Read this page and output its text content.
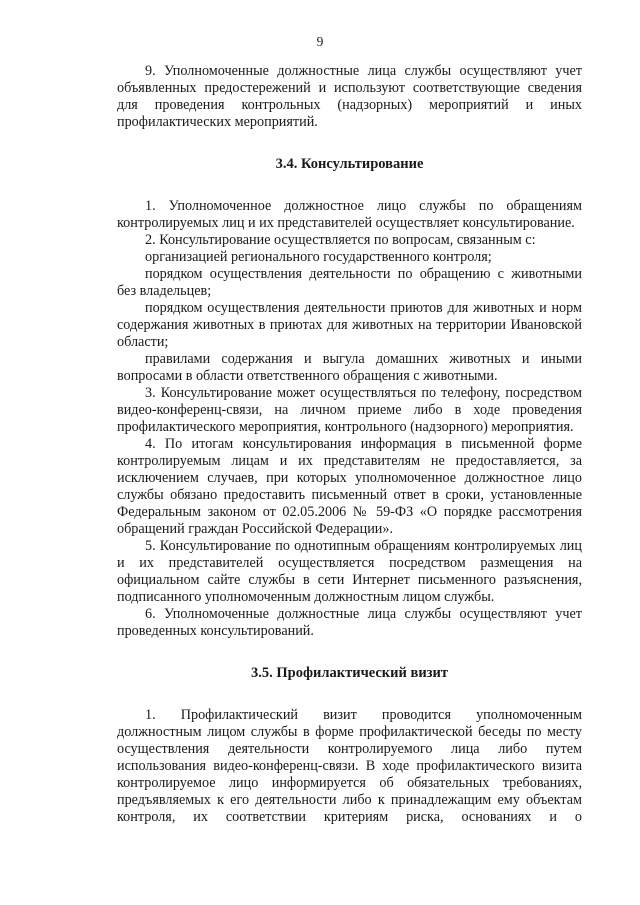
9

9. Уполномоченные должностные лица службы осуществляют учет объявленных предостережений и используют соответствующие сведения для проведения контрольных (надзорных) мероприятий и иных профилактических мероприятий.

3.4. Консультирование

1. Уполномоченное должностное лицо службы по обращениям контролируемых лиц и их представителей осуществляет консультирование.

2. Консультирование осуществляется по вопросам, связанным с:

организацией регионального государственного контроля;

порядком осуществления деятельности по обращению с животными без владельцев;

порядком осуществления деятельности приютов для животных и норм содержания животных в приютах для животных на территории Ивановской области;

правилами содержания и выгула домашних животных и иными вопросами в области ответственного обращения с животными.

3. Консультирование может осуществляться по телефону, посредством видео-конференц-связи, на личном приеме либо в ходе проведения профилактического мероприятия, контрольного (надзорного) мероприятия.

4. По итогам консультирования информация в письменной форме контролируемым лицам и их представителям не предоставляется, за исключением случаев, при которых уполномоченное должностное лицо службы обязано предоставить письменный ответ в сроки, установленные Федеральным законом от 02.05.2006 № 59-ФЗ «О порядке рассмотрения обращений граждан Российской Федерации».

5. Консультирование по однотипным обращениям контролируемых лиц и их представителей осуществляется посредством размещения на официальном сайте службы в сети Интернет письменного разъяснения, подписанного уполномоченным должностным лицом службы.

6. Уполномоченные должностные лица службы осуществляют учет проведенных консультирований.

3.5. Профилактический визит

1. Профилактический визит проводится уполномоченным должностным лицом службы в форме профилактической беседы по месту осуществления деятельности контролируемого лица либо путем использования видео-конференц-связи. В ходе профилактического визита контролируемое лицо информируется об обязательных требованиях, предъявляемых к его деятельности либо к принадлежащим ему объектам контроля, их соответствии критериям риска, основаниях и о
